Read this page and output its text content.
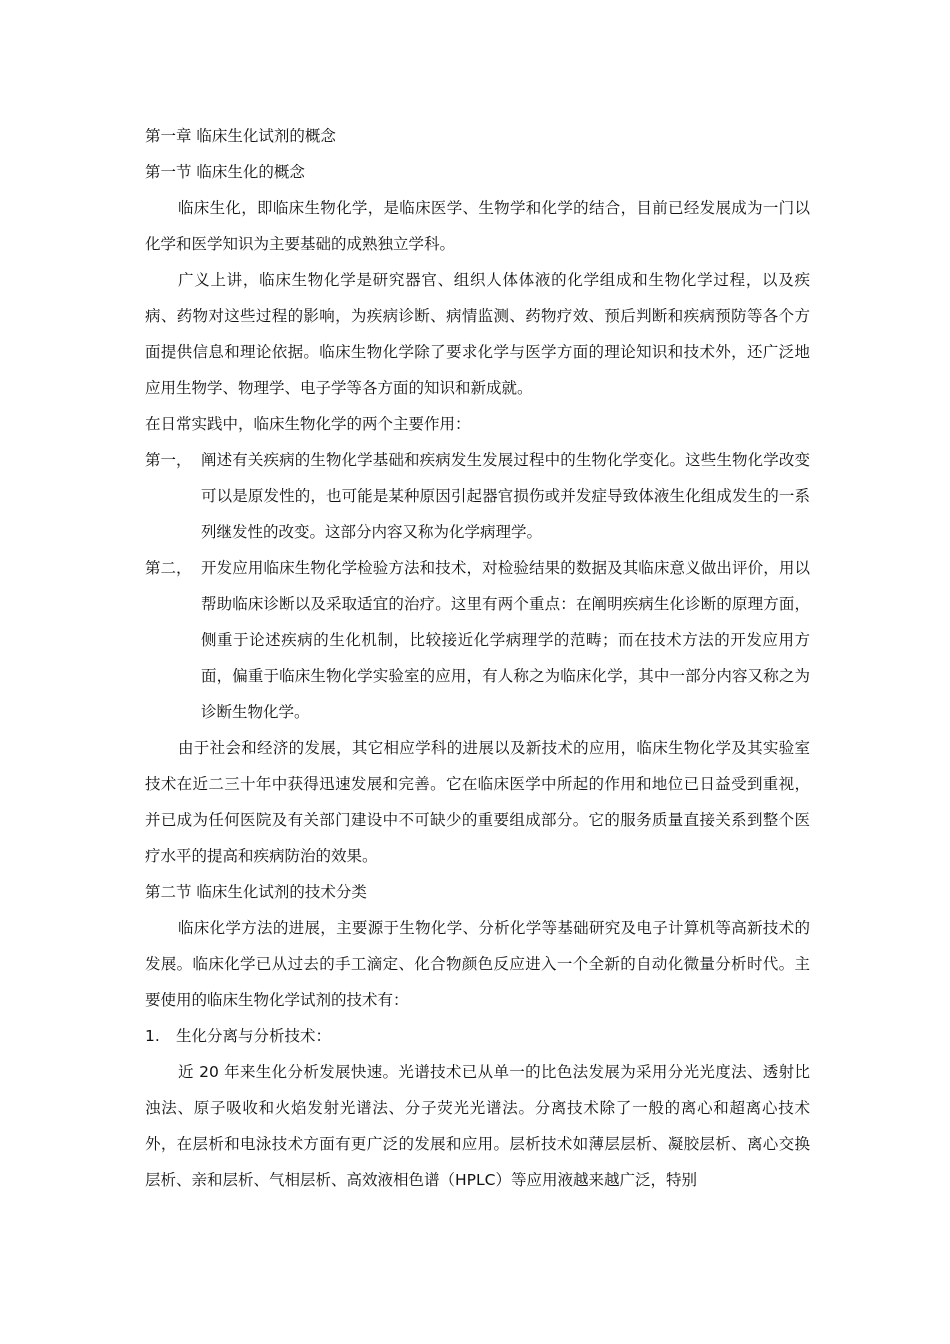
第一章 临床生化试剂的概念

第一节 临床生化的概念

临床生化，即临床生物化学，是临床医学、生物学和化学的结合，目前已经发展成为一门以化学和医学知识为主要基础的成熟独立学科。

广义上讲，临床生物化学是研究器官、组织人体体液的化学组成和生物化学过程，以及疾病、药物对这些过程的影响，为疾病诊断、病情监测、药物疗效、预后判断和疾病预防等各个方面提供信息和理论依据。临床生物化学除了要求化学与医学方面的理论知识和技术外，还广泛地应用生物学、物理学、电子学等各方面的知识和新成就。

在日常实践中，临床生物化学的两个主要作用：

第一， 阐述有关疾病的生物化学基础和疾病发生发展过程中的生物化学变化。这些生物化学改变可以是原发性的，也可能是某种原因引起器官损伤或并发症导致体液生化组成发生的一系列继发性的改变。这部分内容又称为化学病理学。
第二， 开发应用临床生物化学检验方法和技术，对检验结果的数据及其临床意义做出评价，用以帮助临床诊断以及采取适宜的治疗。这里有两个重点：在阐明疾病生化诊断的原理方面，侧重于论述疾病的生化机制，比较接近化学病理学的范畴；而在技术方法的开发应用方面，偏重于临床生物化学实验室的应用，有人称之为临床化学，其中一部分内容又称之为诊断生物化学。

由于社会和经济的发展，其它相应学科的进展以及新技术的应用，临床生物化学及其实验室技术在近二三十年中获得迅速发展和完善。它在临床医学中所起的作用和地位已日益受到重视，并已成为任何医院及有关部门建设中不可缺少的重要组成部分。它的服务质量直接关系到整个医疗水平的提高和疾病防治的效果。

第二节 临床生化试剂的技术分类

临床化学方法的进展，主要源于生物化学、分析化学等基础研究及电子计算机等高新技术的发展。临床化学已从过去的手工滴定、化合物颜色反应进入一个全新的自动化微量分析时代。主要使用的临床生物化学试剂的技术有：

1.	生化分离与分析技术：

近 20 年来生化分析发展快速。光谱技术已从单一的比色法发展为采用分光光度法、透射比浊法、原子吸收和火焰发射光谱法、分子荧光光谱法。分离技术除了一般的离心和超离心技术外，在层析和电泳技术方面有更广泛的发展和应用。层析技术如薄层层析、凝胶层析、离心交换层析、亲和层析、气相层析、高效液相色谱（HPLC）等应用液越来越广泛，特别
